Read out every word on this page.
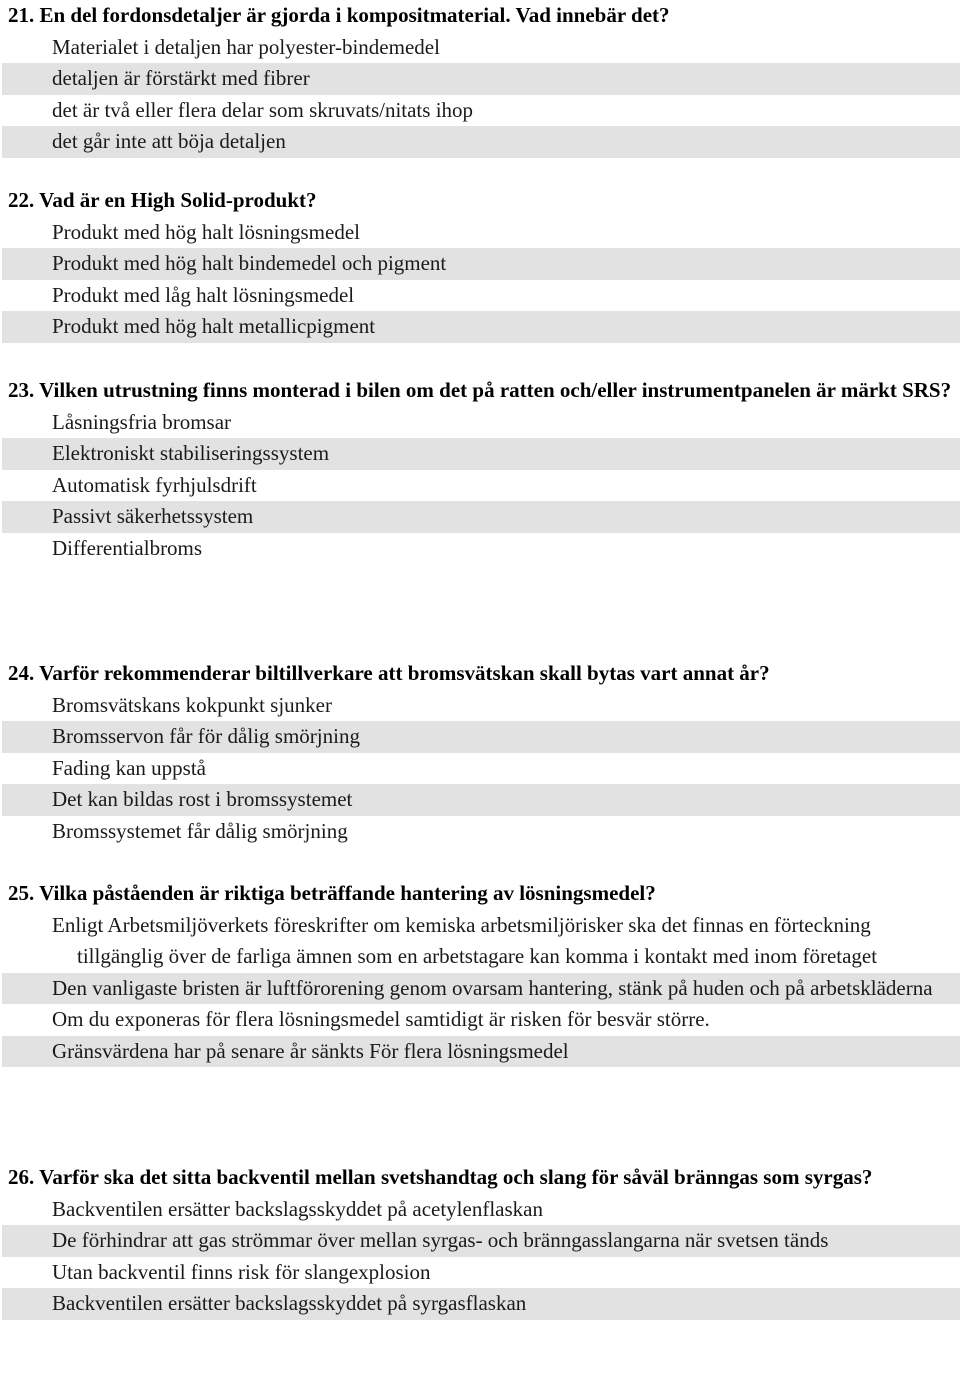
21. En del fordonsdetaljer är gjorda i kompositmaterial. Vad innebär det?
Materialet i detaljen har polyester-bindemedel
detaljen är förstärkt med fibrer
det är två eller flera delar som skruvats/nitats ihop
det går inte att böja detaljen
22. Vad är en High Solid-produkt?
Produkt med hög halt lösningsmedel
Produkt med hög halt bindemedel och pigment
Produkt med låg halt lösningsmedel
Produkt med hög halt metallicpigment
23. Vilken utrustning finns monterad i bilen om det på ratten och/eller instrumentpanelen är märkt SRS?
Låsningsfria bromsar
Elektroniskt stabiliseringssystem
Automatisk fyrhjulsdrift
Passivt säkerhetssystem
Differentialbroms
24. Varför rekommenderar biltillverkare att bromsvätskan skall bytas vart annat år?
Bromsvätskans kokpunkt sjunker
Bromsservon får för dålig smörjning
Fading kan uppstå
Det kan bildas rost i bromssystemet
Bromssystemet får dålig smörjning
25. Vilka påståenden är riktiga beträffande hantering av lösningsmedel?
Enligt Arbetsmiljöverkets föreskrifter om kemiska arbetsmiljörisker ska det finnas en förteckning tillgänglig över de farliga ämnen som en arbetstagare kan komma i kontakt med inom företaget
Den vanligaste bristen är luftförorening genom ovarsam hantering, stänk på huden och på arbetskläderna
Om du exponeras för flera lösningsmedel samtidigt är risken för besvär större.
Gränsvärdena har på senare år sänkts För flera lösningsmedel
26. Varför ska det sitta backventil mellan svetshandtag och slang för såväl bränngas som syrgas?
Backventilen ersätter backslagsskyddet på acetylenflaskan
De förhindrar att gas strömmar över mellan syrgas- och bränngasslangarna när svetsen tänds
Utan backventil finns risk för slangexplosion
Backventilen ersätter backslagsskyddet på syrgasflaskan
